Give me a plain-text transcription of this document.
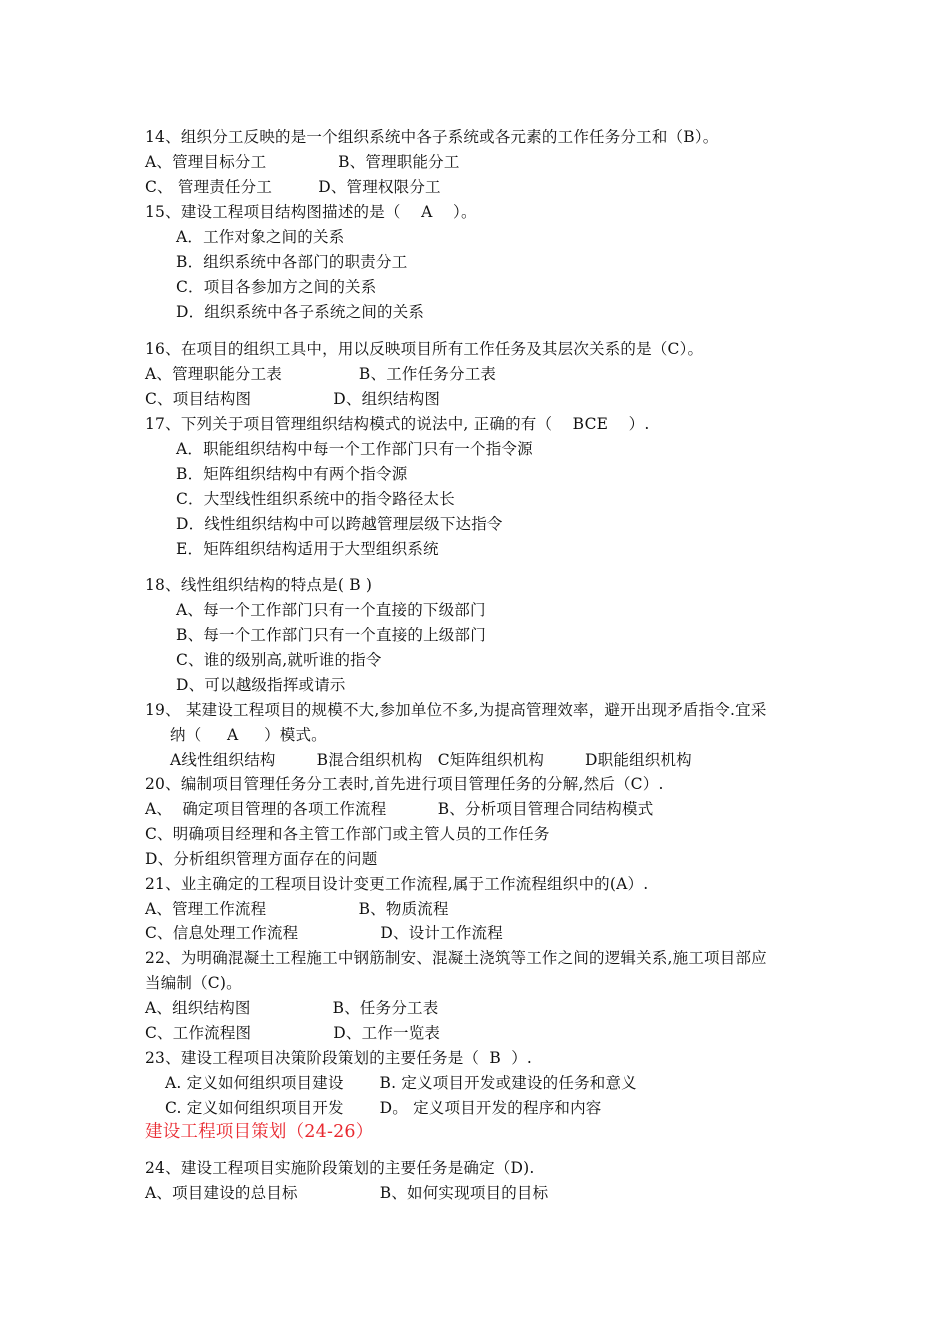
14、组织分工反映的是一个组织系统中各子系统或各元素的工作任务分工和（B）。
A、管理目标分工              B、管理职能分工
C、 管理责任分工         D、管理权限分工
15、建设工程项目结构图描述的是（    A    ）。
A．工作对象之间的关系
B．组织系统中各部门的职责分工
C．项目各参加方之间的关系
D．组织系统中各子系统之间的关系
16、在项目的组织工具中，用以反映项目所有工作任务及其层次关系的是（C）。
A、管理职能分工表               B、工作任务分工表
C、项目结构图                D、组织结构图
17、下列关于项目管理组织结构模式的说法中, 正确的有（    BCE    ）.
A．职能组织结构中每一个工作部门只有一个指令源
B．矩阵组织结构中有两个指令源
C．大型线性组织系统中的指令路径太长
D．线性组织结构中可以跨越管理层级下达指令
E．矩阵组织结构适用于大型组织系统
18、线性组织结构的特点是( B )
A、每一个工作部门只有一个直接的下级部门
B、每一个工作部门只有一个直接的上级部门
C、谁的级别高,就听谁的指令
D、可以越级指挥或请示
19、 某建设工程项目的规模不大,参加单位不多,为提高管理效率，避开出现矛盾指令.宜采
纳（     A     ）模式。
A线性组织结构        B混合组织机构   C矩阵组织机构        D职能组织机构
20、编制项目管理任务分工表时,首先进行项目管理任务的分解,然后（C）.
A、  确定项目管理的各项工作流程          B、分析项目管理合同结构模式
C、明确项目经理和各主管工作部门或主管人员的工作任务
D、分析组织管理方面存在的问题
21、业主确定的工程项目设计变更工作流程,属于工作流程组织中的(A）.
A、管理工作流程                  B、物质流程
C、信息处理工作流程                D、设计工作流程
22、为明确混凝土工程施工中钢筋制安、混凝土浇筑等工作之间的逻辑关系,施工项目部应
当编制（C)。
A、组织结构图                B、任务分工表
C、工作流程图                D、工作一览表
23、建设工程项目决策阶段策划的主要任务是（  B  ）.
A. 定义如何组织项目建设       B. 定义项目开发或建设的任务和意义
C. 定义如何组织项目开发       D。 定义项目开发的程序和内容
建设工程项目策划（24-26）
24、建设工程项目实施阶段策划的主要任务是确定（D).
A、项目建设的总目标                B、如何实现项目的目标
